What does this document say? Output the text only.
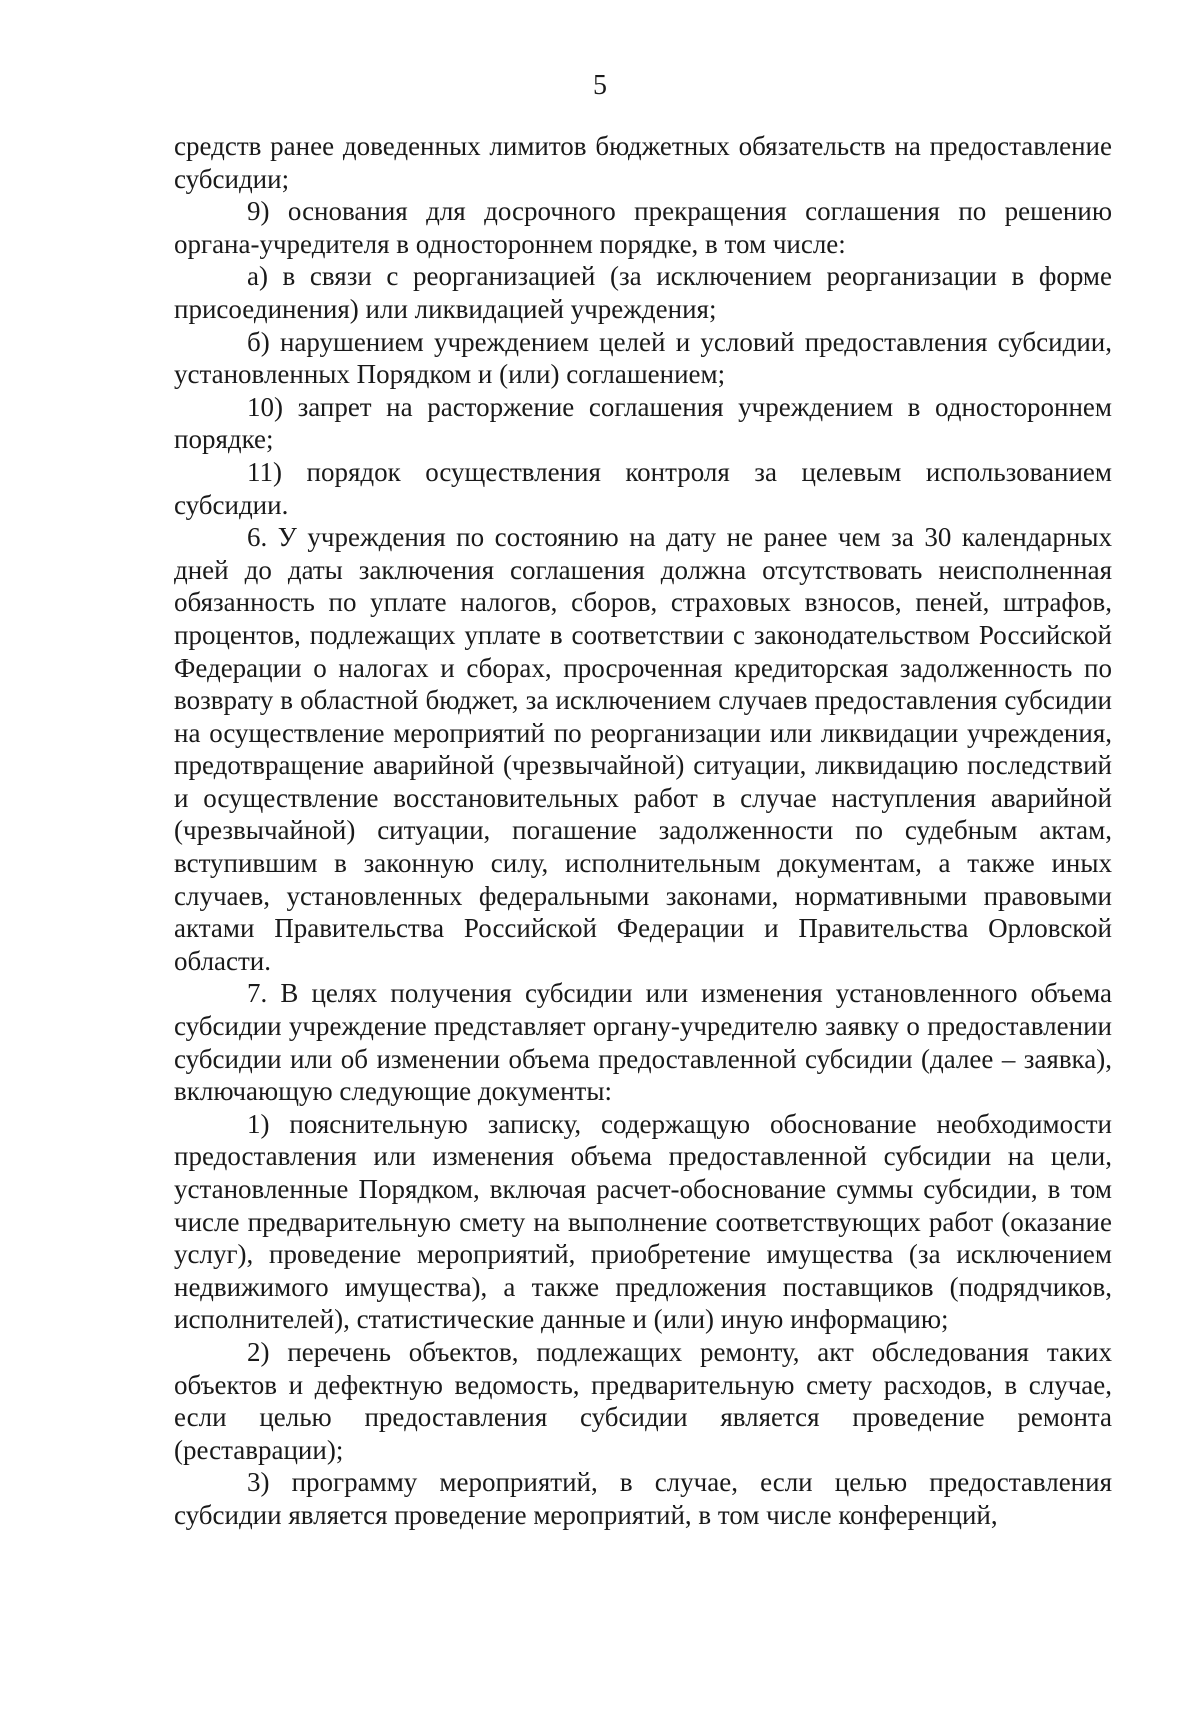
5

средств ранее доведенных лимитов бюджетных обязательств на предоставление субсидии;

9) основания для досрочного прекращения соглашения по решению органа-учредителя в одностороннем порядке, в том числе:

а) в связи с реорганизацией (за исключением реорганизации в форме присоединения) или ликвидацией учреждения;

б) нарушением учреждением целей и условий предоставления субсидии, установленных Порядком и (или) соглашением;

10) запрет на расторжение соглашения учреждением в одностороннем порядке;

11) порядок осуществления контроля за целевым использованием субсидии.

6. У учреждения по состоянию на дату не ранее чем за 30 календарных дней до даты заключения соглашения должна отсутствовать неисполненная обязанность по уплате налогов, сборов, страховых взносов, пеней, штрафов, процентов, подлежащих уплате в соответствии с законодательством Российской Федерации о налогах и сборах, просроченная кредиторская задолженность по возврату в областной бюджет, за исключением случаев предоставления субсидии на осуществление мероприятий по реорганизации или ликвидации учреждения, предотвращение аварийной (чрезвычайной) ситуации, ликвидацию последствий и осуществление восстановительных работ в случае наступления аварийной (чрезвычайной) ситуации, погашение задолженности по судебным актам, вступившим в законную силу, исполнительным документам, а также иных случаев, установленных федеральными законами, нормативными правовыми актами Правительства Российской Федерации и Правительства Орловской области.

7. В целях получения субсидии или изменения установленного объема субсидии учреждение представляет органу-учредителю заявку о предоставлении субсидии или об изменении объема предоставленной субсидии (далее – заявка), включающую следующие документы:

1) пояснительную записку, содержащую обоснование необходимости предоставления или изменения объема предоставленной субсидии на цели, установленные Порядком, включая расчет-обоснование суммы субсидии, в том числе предварительную смету на выполнение соответствующих работ (оказание услуг), проведение мероприятий, приобретение имущества (за исключением недвижимого имущества), а также предложения поставщиков (подрядчиков, исполнителей), статистические данные и (или) иную информацию;

2) перечень объектов, подлежащих ремонту, акт обследования таких объектов и дефектную ведомость, предварительную смету расходов, в случае, если целью предоставления субсидии является проведение ремонта (реставрации);

3) программу мероприятий, в случае, если целью предоставления субсидии является проведение мероприятий, в том числе конференций,
